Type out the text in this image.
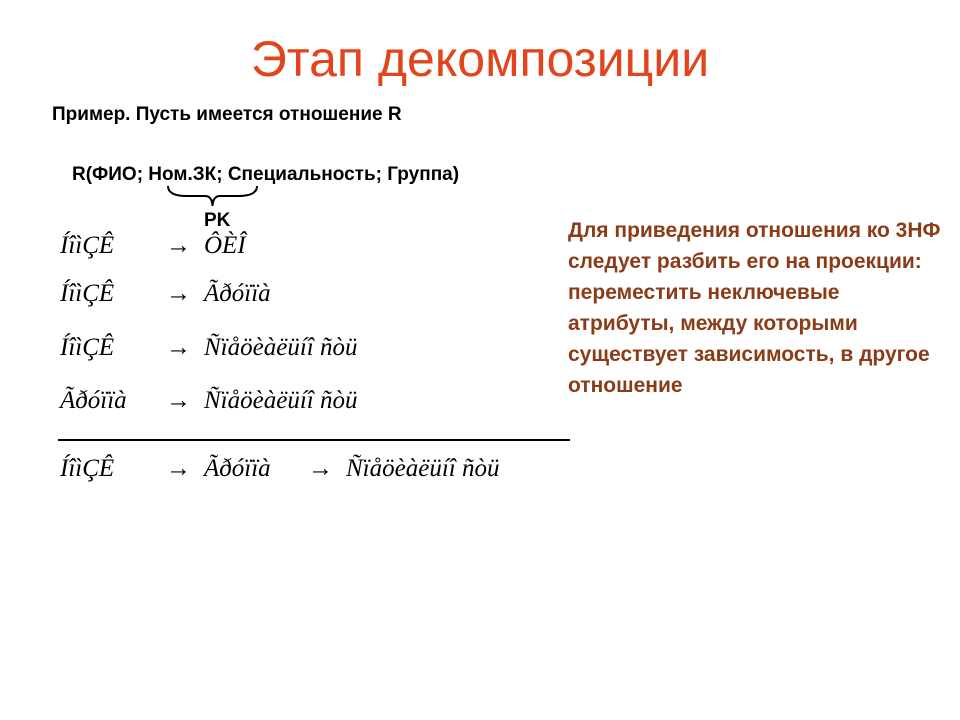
Этап декомпозиции
Пример. Пусть имеется отношение R
R(ФИО; Ном.ЗК; Специальность; Группа)
PK
ÍîìÇÊ → ÔÈÎ
ÍîìÇÊ → Ãðóïïà
ÍîìÇÊ → Ñïåöèàëüíî ñòü
Ãðóïïà → Ñïåöèàëüíî ñòü
ÍîìÇÊ → Ãðóïïà → Ñïåöèàëüíî ñòü
Для приведения отношения ко 3НФ следует разбить его на проекции: переместить неключевые атрибуты, между которыми существует зависимость, в другое отношение
